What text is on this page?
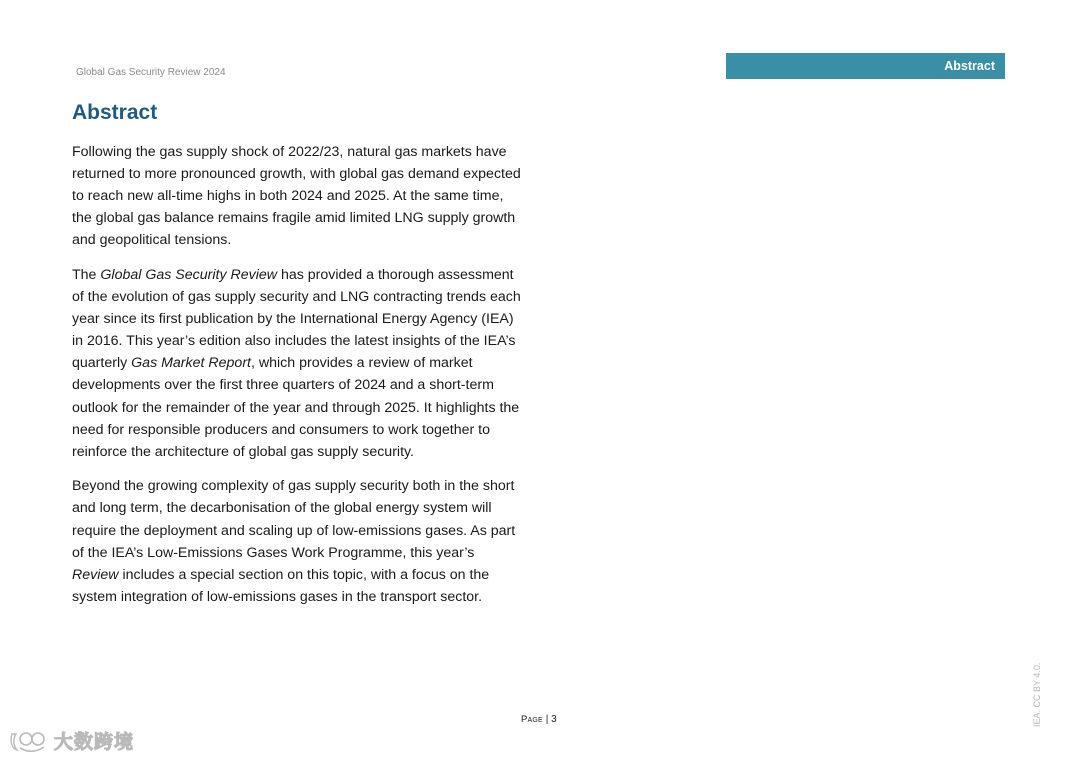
Global Gas Security Review 2024	Abstract
Abstract

Following the gas supply shock of 2022/23, natural gas markets have returned to more pronounced growth, with global gas demand expected to reach new all-time highs in both 2024 and 2025. At the same time, the global gas balance remains fragile amid limited LNG supply growth and geopolitical tensions.

The Global Gas Security Review has provided a thorough assessment of the evolution of gas supply security and LNG contracting trends each year since its first publication by the International Energy Agency (IEA) in 2016. This year’s edition also includes the latest insights of the IEA’s quarterly Gas Market Report, which provides a review of market developments over the first three quarters of 2024 and a short-term outlook for the remainder of the year and through 2025. It highlights the need for responsible producers and consumers to work together to reinforce the architecture of global gas supply security.

Beyond the growing complexity of gas supply security both in the short and long term, the decarbonisation of the global energy system will require the deployment and scaling up of low-emissions gases. As part of the IEA’s Low-Emissions Gases Work Programme, this year’s Review includes a special section on this topic, with a focus on the system integration of low-emissions gases in the transport sector.

Page | 3	IEA. CC BY 4.0.
大数跨境
